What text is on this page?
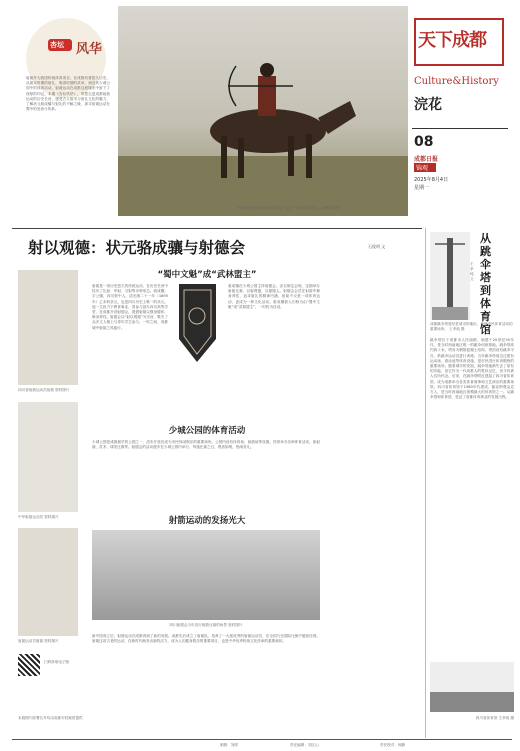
杏坛 风华
射箭作为我国传统体育项目，在成都有着悠久历史。从唐宋时期的射礼、明清时期的武举，到近代少城公园中的体育活动，射箭运动在成都这座城市中留下了深厚的印记。本期《杏坛风华》，带您走进成都射箭运动的历史长河，感受古人射术与射礼文化的魅力，了解状元骆成骧与射礼的不解之缘，探寻射箭运动在蜀中的发扬与传承。
射箭是中国传统的体育项目，也是一种独特的文化。 新都县资料
天下成都
Culture&History
浣花
08
成都日报
锦观
2025年8月4日
星期一
射以观德：状元骆成骧与射德会	石俊明 文
四川省射箭运动员射箭 资料图片
中华射箭运动员 资料图片
射箭运动员射箭 资料图片
“蜀中文魁”成“武林盟主”
少城公园的体育活动
射箭运动的发扬光大
射箭是一项历史悠久的传统运动，在历史长河中经历了礼射、军射、习射等多种形态。骆成骧，字公骕，四川资中人，清光绪二十一年（1895年）乙未科状元，也是四川历史上唯一的状元。他一生致力于教育事业，曾参与创办四川高等学堂，在成都开设射德会，提倡射箭以强身健体、修身养性。射德会以“射以观德”为宗旨，吸引了众多文人雅士与青年学生参与，一时之间，成都城中射箭之风盛行。
骆成骧在少城公园主持射德会，亲自制定会规，定期举办射箭比赛，以射观德，以德服人。射德会会员在射箭中修身养性，追求射礼的精神内涵，射箭不仅是一项体育运动，更成为一种文化活动。骆成骧被人们称为由“蜀中文魁”成“武林盟主”，一时传为佳话。
少城公园是成都最早的公园之一，清末开放后成为市民休闲娱乐的重要场所。公园内设有体育场、射箭场等设施，经常举办各种体育活动，如射箭、武术、球类比赛等。射德会的活动便多在少城公园内举行，每逢比赛之日，观者如堵，热闹非凡。
四川射德会当年进行射箭比赛的场景 资料图片
新中国成立后，射箭运动在成都得到了新的发展。成都先后成立了射箭队，培养了一大批优秀的射箭运动员，在全国乃至国际比赛中屡获佳绩。射箭这项古老的运动，在新时代焕发出新的活力，成为人们健身娱乐的重要项目，也是中华优秀传统文化传承的重要载体。
扫码获取电子版
本版图片除署名外均由成都市档案馆提供
从跳伞塔到体育馆
王孝纯 文
成都跳伞塔曾经是城市的地标，也是市民体育活动的重要场所。 王孝纯 摄
跳伞塔位于成都市人民南路，始建于20世纪50年代，是当时西南地区唯一的跳伞训练基地。跳伞塔高约四十米，塔身为钢筋混凝土结构，塔顶设有跳伞平台，供跳伞运动员进行训练。当年跳伞塔周边还建有运动场、游泳池等体育设施，是市民进行体育锻炼的重要场所。随着城市的发展，跳伞塔逐渐失去了原有的功能，但它作为一代成都人的集体记忆，至今仍被人们所怀念。后来，在跳伞塔附近建起了四川省体育馆，成为成都举办各类体育赛事和文艺演出的重要场馆。四川省体育馆于1980年代建成，能容纳观众近万人，是当时西南地区规模最大的体育馆之一。从跳伞塔到体育馆，见证了成都体育事业的发展历程。
四川省体育馆 王孝纯 摄
制版：刘婷	责任编辑：刘江山	责任校对：杨静
